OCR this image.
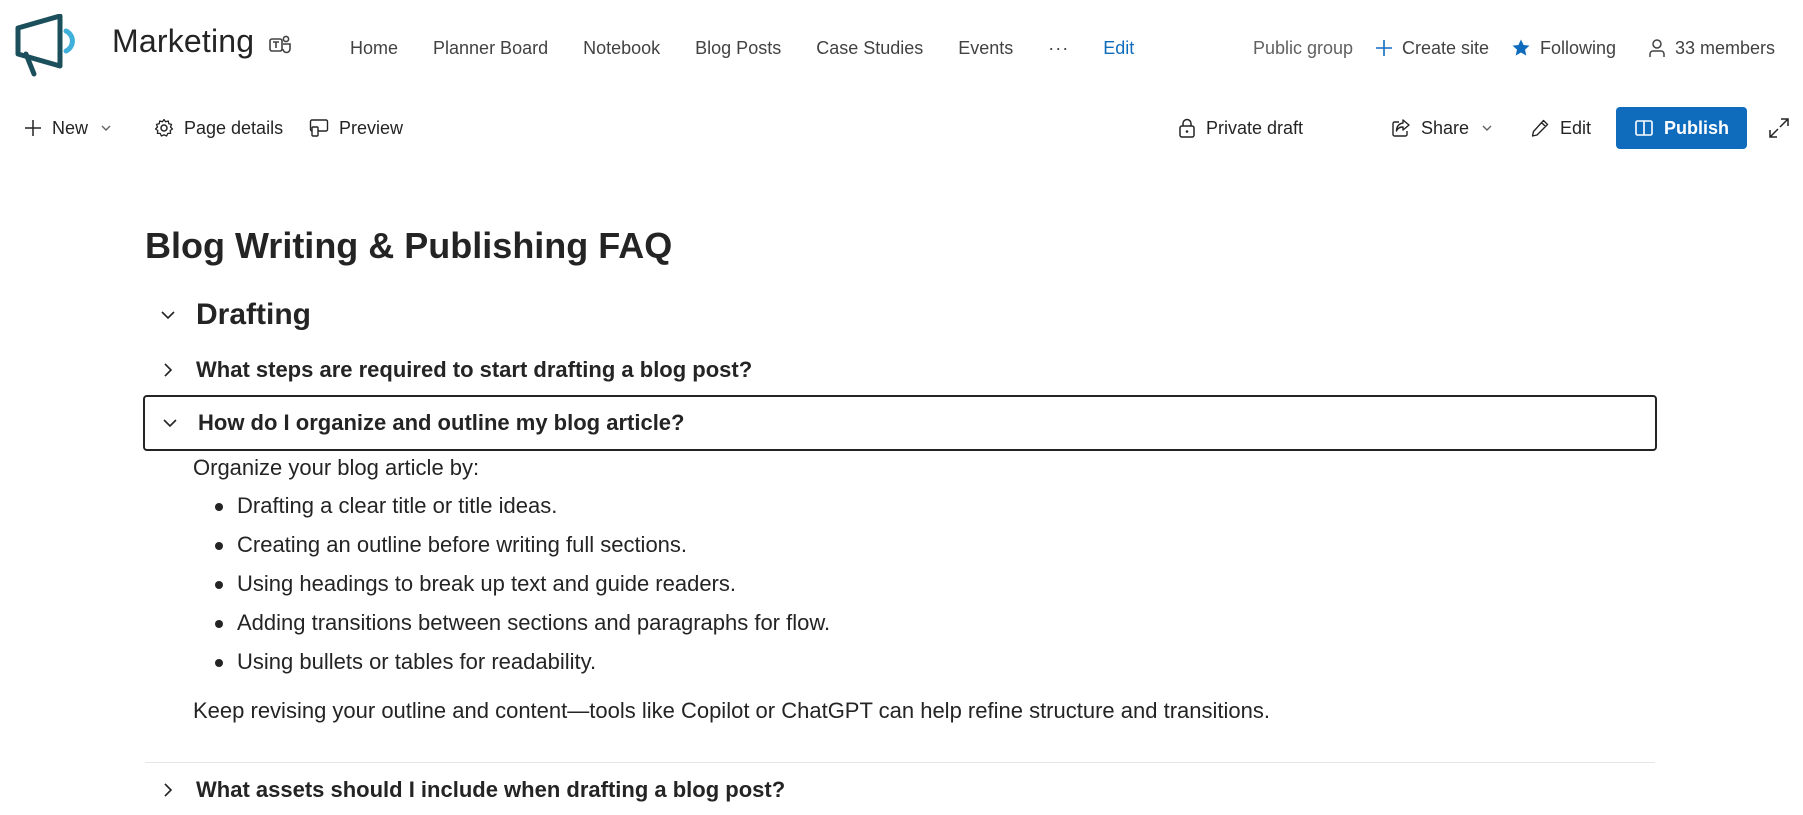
Marketing	Home Planner Board Notebook Blog Posts Case Studies Events ··· Edit	Public group	Create site	Following	33 members
New	Page details	Preview	Private draft	Share	Edit	Publish
Blog Writing & Publishing FAQ
Drafting
What steps are required to start drafting a blog post?
How do I organize and outline my blog article?

Organize your blog article by:

Drafting a clear title or title ideas.
Creating an outline before writing full sections.
Using headings to break up text and guide readers.
Adding transitions between sections and paragraphs for flow.
Using bullets or tables for readability.

Keep revising your outline and content—tools like Copilot or ChatGPT can help refine structure and transitions.

What assets should I include when drafting a blog post?
